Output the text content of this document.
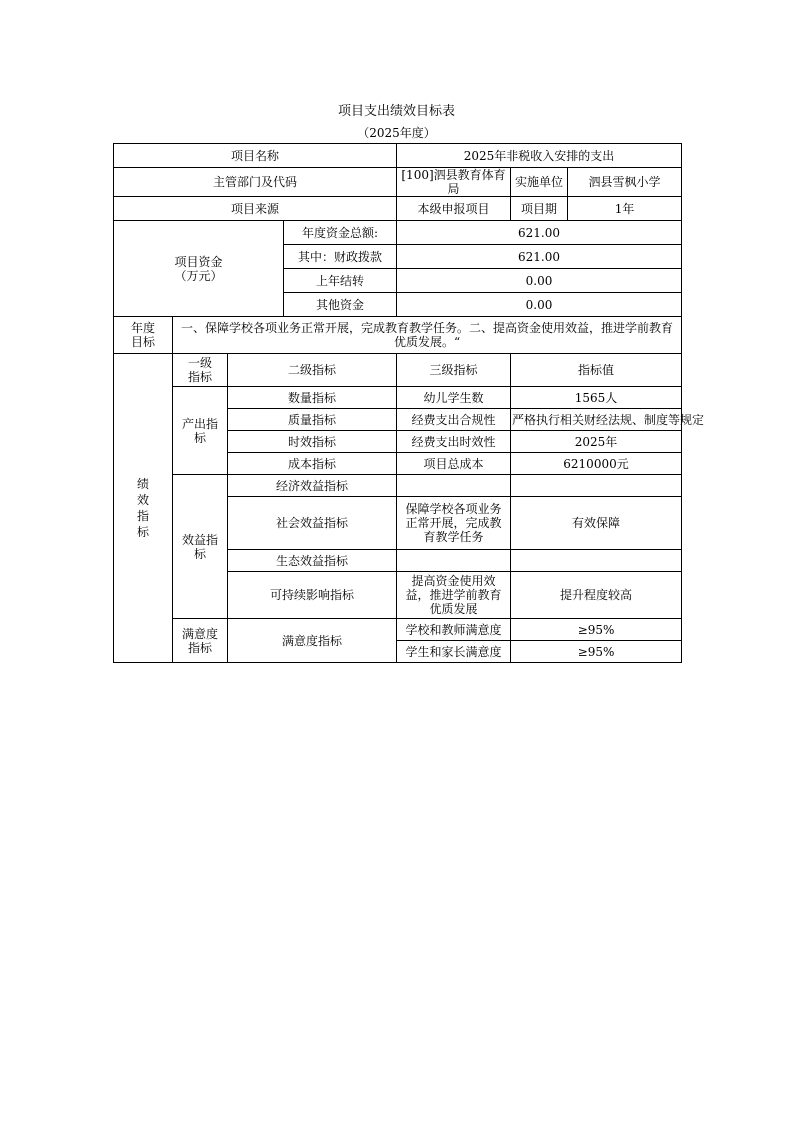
项目支出绩效目标表
（2025年度）
项目名称				2025年非税收入安排的支出		
主管部门及代码				[100]泗县教育体育局	实施单位	泗县雪枫小学
项目来源				本级申报项目	项目期	1年

项目资金
（万元）			年度资金总额:	621.00		
			其中：财政拨款	621.00		
			上年结转	0.00		
			其他资金	0.00		

年度
目标	一、保障学校各项业务正常开展，完成教育教学任务。二、提高资金使用效益，推进学前教育优质发展。“					

绩效指标	一级指标	二级指标		三级指标	指标值	

	产出指标	数量指标		幼儿学生数	1565人	
		质量指标		经费支出合规性	严格执行相关财经法规、制度等规定	
		时效指标		经费支出时效性	2025年	
		成本指标		项目总成本	6210000元	

	效益指标	经济效益指标				
		社会效益指标		保障学校各项业务正常开展，完成教育教学任务	有效保障	
		生态效益指标				
		可持续影响指标		提高资金使用效益，推进学前教育优质发展	提升程度较高	

	满意度指标	满意度指标		学校和教师满意度	≥95%	
				学生和家长满意度	≥95%	
